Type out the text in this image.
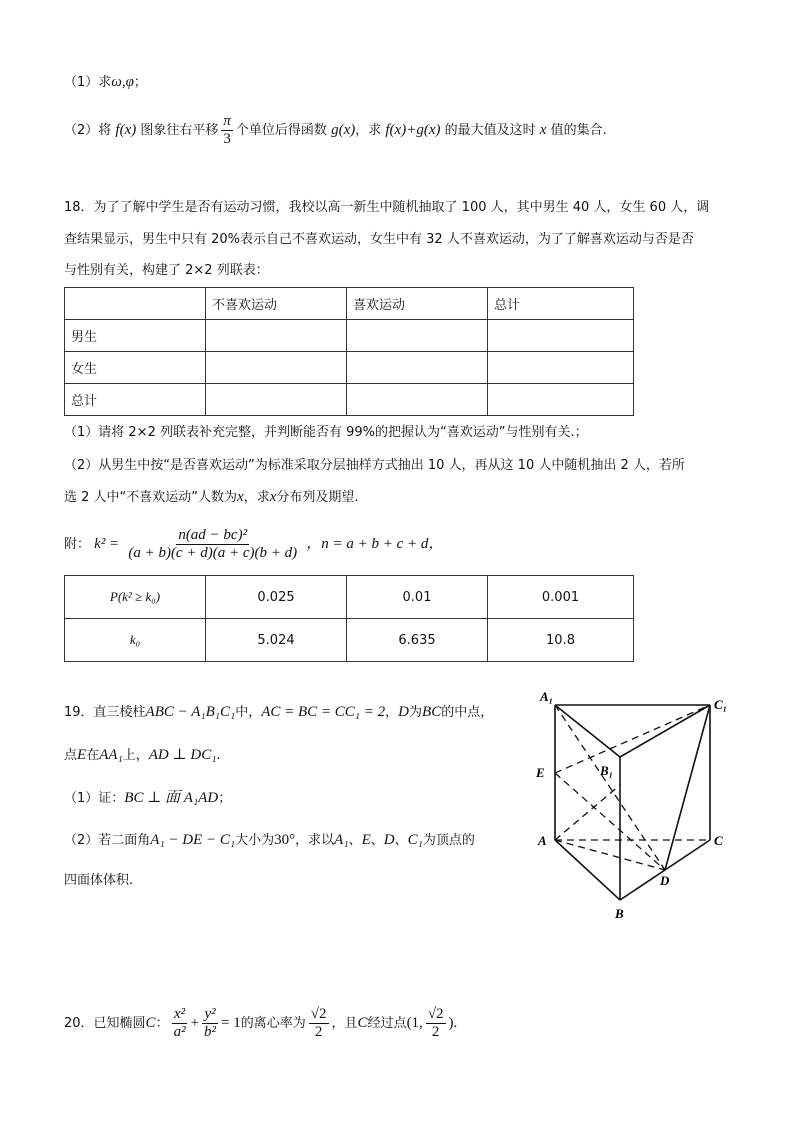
（1）求ω,φ；
（2）将 f(x) 图象往右平移 $\frac{\pi}{3}$ 个单位后得函数 g(x)，求 f(x)+g(x) 的最大值及这时 x 值的集合.
18．为了了解中学生是否有运动习惯，我校以高一新生中随机抽取了 100 人，其中男生 40 人，女生 60 人，调
查结果显示，男生中只有 20%表示自己不喜欢运动，女生中有 32 人不喜欢运动，为了了解喜欢运动与否是否
与性别有关，构建了 2×2 列联表：
	不喜欢运动	喜欢运动	总计
男生			
女生			
总计			
（1）请将 2×2 列联表补充完整，并判断能否有 99%的把握认为“喜欢运动”与性别有关.；
（2）从男生中按“是否喜欢运动”为标准采取分层抽样方式抽出 10 人，再从这 10 人中随机抽出 2 人，若所
选 2 人中“不喜欢运动”人数为x，求x分布列及期望.
附： $k^2 = \frac{\text{n(ad − bc)²}}{(a + b)(c + d)(a + c)(b + d)}$ ，n = a + b + c + d，
P(k² ≥ k₀)	0.025	0.01	0.001
k₀	5.024	6.635	10.8
19．直三棱柱ABC − A₁B₁C₁中，AC = BC = CC₁ = 2，D为BC的中点，
点E在AA₁上，AD ⊥ DC₁.
（1）证：BC ⊥ 面 A₁AD；
（2）若二面角A₁ − DE − C₁大小为30°，求以A₁、E、D、C₁为顶点的
四面体体积.
A₁
C₁
B₁
E
A	C
D
B
20．已知椭圆C： $\frac{\text{x²}}{\text{a²}} + \frac{\text{y²}}{\text{b²}} = 1$的离心率为 $\frac{√2}{2}$ ，且C经过点(1, $\frac{√2}{2}$ ).
